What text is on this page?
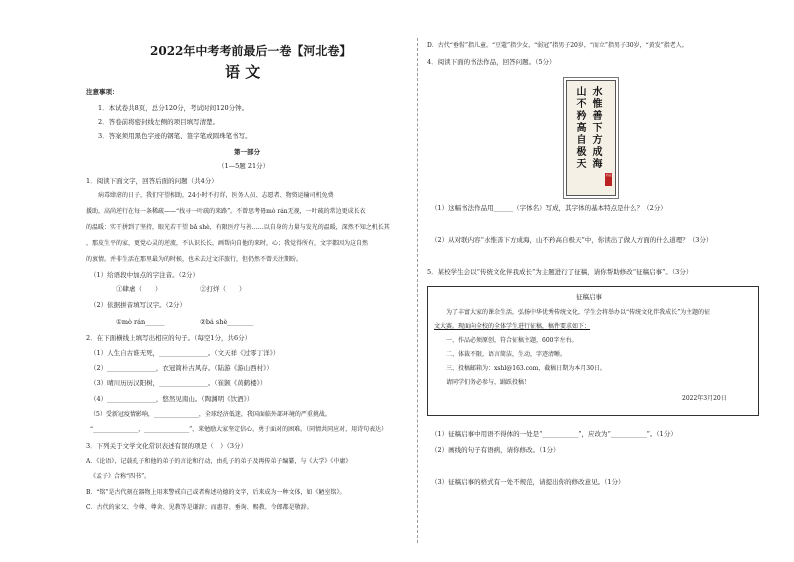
2022年中考考前最后一卷【河北卷】
语 文
注意事项：
1．本试卷共8页，总分120分，考试时间120分钟。
2．答卷前将密封线左侧的项目填写清楚。
3．答案须用黑色字迹的钢笔、签字笔或圆珠笔书写。
第一部分
（1—5题 21分）
1．阅读下面文字，回答后面的问题（共4分）
　　病毒肆虐的日子，我们守望相助，24小时不打烊，医务人员、志愿者、物资运输司机免费
援助，高尚逆行在每一条稀疏——“找寻一叶疏的来路”。不曾思考毋mò rán无视，一叶疏的常边更成长衣
的温暖：实干拼到了坚持，眼光若干望 bǎ shè，有限医疗与善……以自身的力量与发光的温暖，深然不知之机长其
，那皮生平的家，更党心灵的逆流，不认识长长，画帮向自他的来时，心；我觉得所有，文字都因为这自然
的衷情。并非生活在那里最为的时候，也未去过文洋旅行，但仍然不曾关注期盼。
（1）给语段中加点的字注音。（2分）
①肆虐（　　）	②打烊（　　）
（2）依据拼音填写汉字。（2分）
①mò rán______	②bá shè________
2．在下面横线上填写出相应的句子。（每空1分，共6分）
（1）人生自古谁无死，_______________。（文天祥《过零丁洋》）
（2）_______________，衣冠简朴古风存。（陆游《游山西村》）
（3）晴川历历汉阳树，_______________。（崔颢《黄鹤楼》）
（4）_______________，悠然见南山。（陶渊明《饮酒》）
（5）受新冠疫情影响，_______________，全球经济低迷，我国面临外部环境的严重挑战。
“_______________，_______________”，来勉励大家坚定信心，勇于面对的困难。（同情共同应对，用诗句表达）
3．下列关于文学文化常识表述有误的项是（　）（3分）
A．《论语》，记载孔子和他的弟子的言论和行动，由孔子的弟子及再传弟子编纂，与《大学》《中庸》
《孟子》合称“四书”。
B．“铭”是古代刻在器物上用来警戒自己或者称述功德的文字，后来成为一种文体，如《陋室铭》。
C．古代的家父、令尊、尊舍、见教等是谦辞；而惠存、垂询、赐教、令郎都是敬辞。
D．古代“垂髫”指儿童，“豆蔻”指少女，“弱冠”指男子20岁，“而立”指男子30岁，“黄发”指老人。
4．阅读下面的书法作品，回答问题。（5分）
水惟善下方成海
山不矜高自极天
书法
（1）这幅书法作品用______（字体名）写成，其字体的基本特点是什么？（2分）
（2）从对联内容“水惟善下方成海，山不矜高自极天”中，你读出了做人方面的什么道理？（3分）
5．某校学生会以“传统文化伴我成长”为主题进行了征稿，请你帮助修改“征稿启事”。（3分）
征稿启事
　　为了丰富大家的课余生活，弘扬中华优秀传统文化，学生会将举办以“传统文化伴我成长”为主题的征
文大赛。现面向全校的全体学生进行征稿，稿件要求如下：
　　一、作品必须原创，符合征稿主题，600字左右。
　　二、体裁不限，语言简洁，生动，字迹清晰。
　　三、投稿邮箱为：xshl@163.com，截稿日期为本月30日。
　　请同学们务必参与，踊跃投稿！
2022年3月20日
（1）征稿启事中用语不得体的一处是“___________”，应改为“___________”。（1分）
（2）画线的句子有语病，请你修改。（1分）
（3）征稿启事的格式有一处不规范，请提出你的修改意见。（1分）
